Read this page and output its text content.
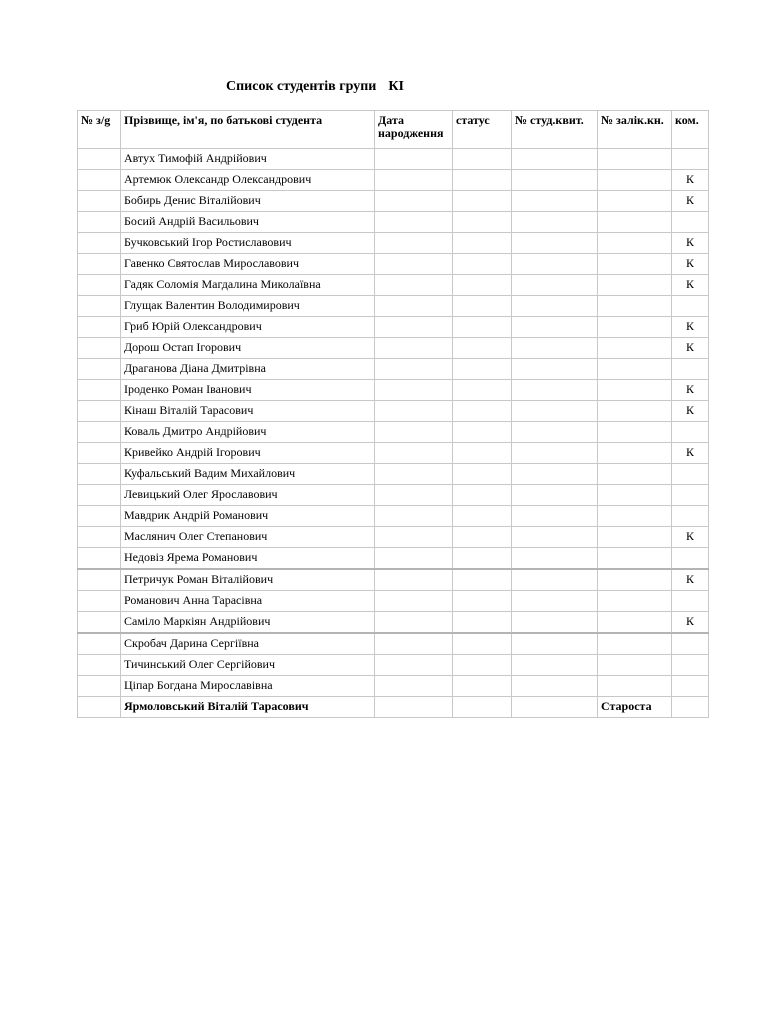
Список студентів групи КІ
№ з/g	Прізвище, ім'я, по батькові студента	Дата народження	статус	№ студ.квит.	№ залік.кн.	ком.
	Автух Тимофій Андрійович					
	Артемюк Олександр Олександрович					К
	Бобирь Денис Віталійович					К
	Босий Андрій Васильович					
	Бучковський Ігор Ростиславович					К
	Гавенко Святослав Мирославович					К
	Гадяк Соломія Магдалина Миколаївна					К
	Глущак Валентин Володимирович					
	Гриб Юрій Олександрович					К
	Дорош Остап Ігорович					К
	Драганова Діана Дмитрівна					
	Іроденко Роман Іванович					К
	Кінаш Віталій Тарасович					К
	Коваль Дмитро Андрійович					
	Кривейко Андрій Ігорович					К
	Куфальський Вадим Михайлович					
	Левицький Олег Ярославович					
	Мавдрик Андрій Романович					
	Маслянич Олег Степанович					К
	Недовіз Ярема Романович					
	Петричук Роман Віталійович					К
	Романович Анна Тарасівна					
	Саміло Маркіян Андрійович					К
	Скробач Дарина Сергіївна					
	Тичинський Олег Сергійович					
	Ціпар Богдана Мирославівна					
	Ярмоловський Віталій Тарасович				Староста	
